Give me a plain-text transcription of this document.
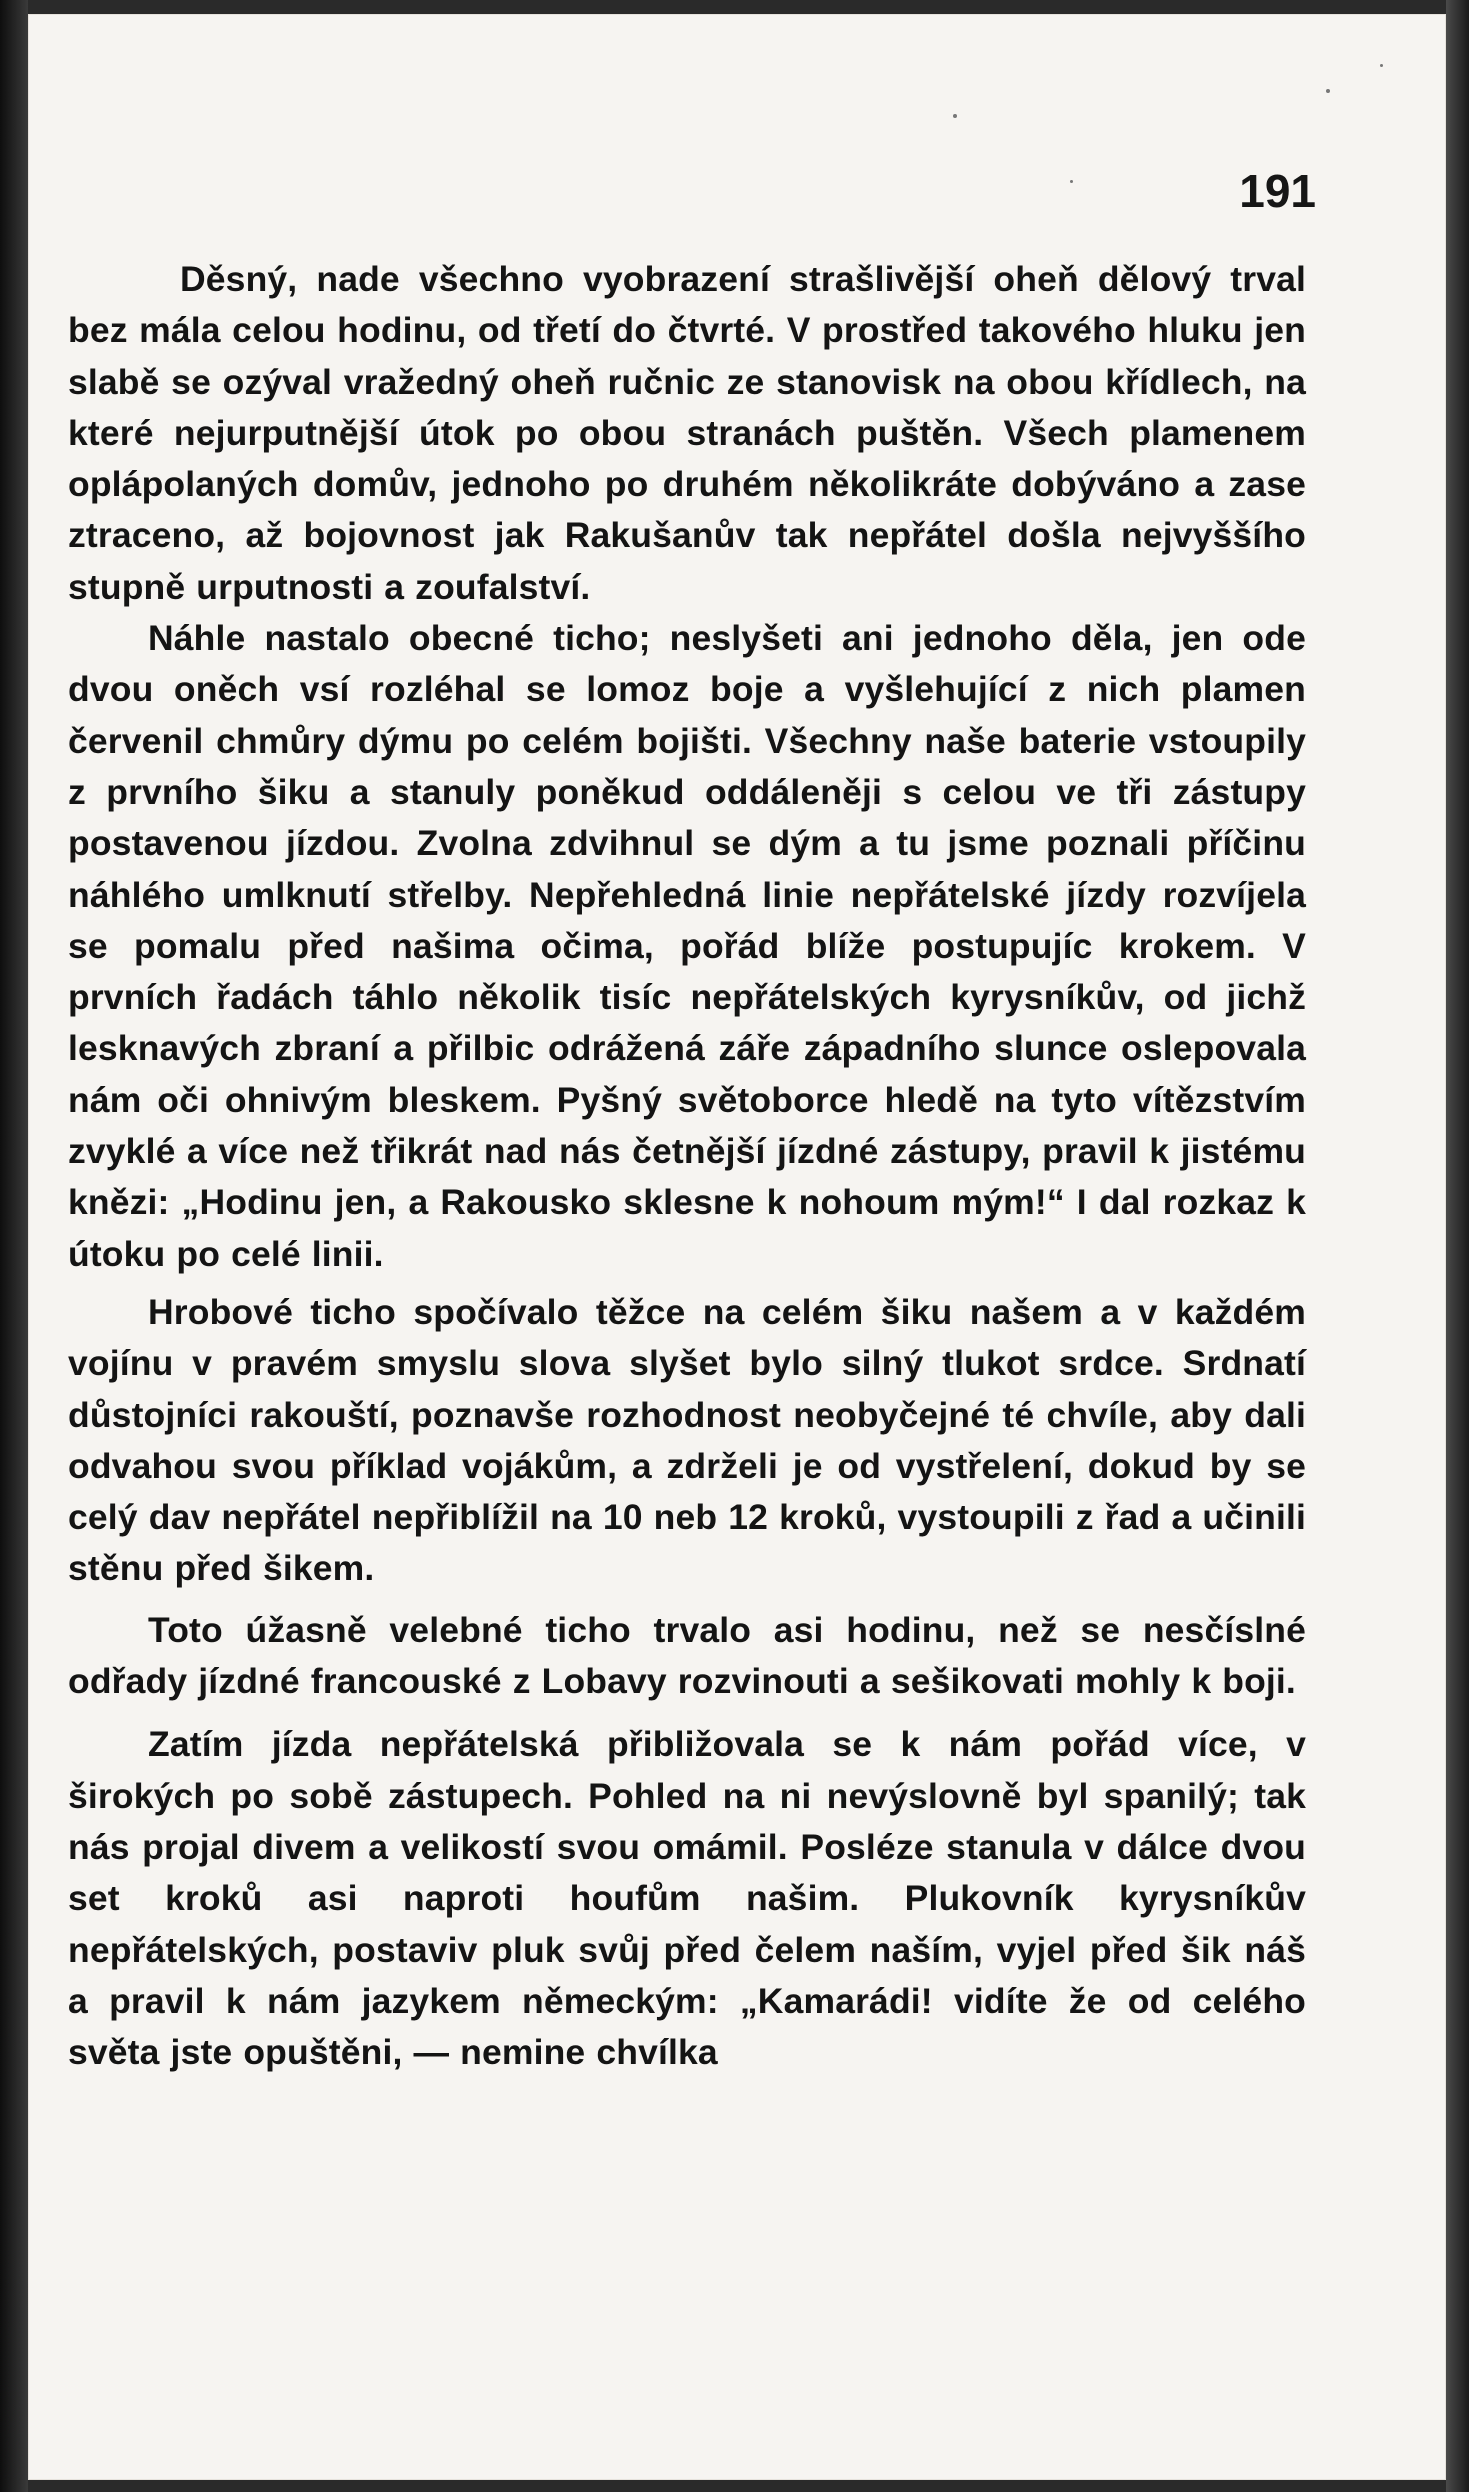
191

Děsný, nade všechno vyobrazení strašlivější oheň dělový trval bez mála celou hodinu, od třetí do čtvrté. V prostřed takového hluku jen slabě se ozýval vražedný oheň ručnic ze stanovisk na obou křídlech, na které nejurputnější útok po obou stranách puštěn. Všech plamenem oplápolaných domův, jednoho po druhém několikráte dobýváno a zase ztraceno, až bojovnost jak Rakušanův tak nepřátel došla nejvyššího stupně urputnosti a zoufalství.

Náhle nastalo obecné ticho; neslyšeti ani jednoho děla, jen ode dvou oněch vsí rozléhal se lomoz boje a vyšlehující z nich plamen červenil chmůry dýmu po celém bojišti. Všechny naše baterie vstoupily z prvního šiku a stanuly poněkud oddáleněji s celou ve tři zástupy postavenou jízdou. Zvolna zdvihnul se dým a tu jsme poznali příčinu náhlého umlknutí střelby. Nepřehledná linie nepřátelské jízdy rozvíjela se pomalu před našima očima, pořád blíže postupujíc krokem. V prvních řadách táhlo několik tisíc nepřátelských kyrysníkův, od jichž lesknavých zbraní a přilbic odrážená záře západního slunce oslepovala nám oči ohnivým bleskem. Pyšný světoborce hledě na tyto vítězstvím zvyklé a více než třikrát nad nás četnější jízdné zástupy, pravil k jistému knězi: „Hodinu jen, a Rakousko sklesne k nohoum mým!“ I dal rozkaz k útoku po celé linii.

Hrobové ticho spočívalo těžce na celém šiku našem a v každém vojínu v pravém smyslu slova slyšet bylo silný tlukot srdce. Srdnatí důstojníci rakouští, poznavše rozhodnost neobyčejné té chvíle, aby dali odvahou svou příklad vojákům, a zdrželi je od vystřelení, dokud by se celý dav nepřátel nepřiblížil na 10 neb 12 kroků, vystoupili z řad a učinili stěnu před šikem.

Toto úžasně velebné ticho trvalo asi hodinu, než se nesčíslné odřady jízdné francouské z Lobavy rozvinouti a sešikovati mohly k boji.

Zatím jízda nepřátelská přibližovala se k nám pořád více, v širokých po sobě zástupech. Pohled na ni nevýslovně byl spanilý; tak nás projal divem a velikostí svou omámil. Posléze stanula v dálce dvou set kroků asi naproti houfům našim. Plukovník kyrysníkův nepřátelských, postaviv pluk svůj před čelem naším, vyjel před šik náš a pravil k nám jazykem německým: „Kamarádi! vidíte že od celého světa jste opuštěni, — nemine chvílka
